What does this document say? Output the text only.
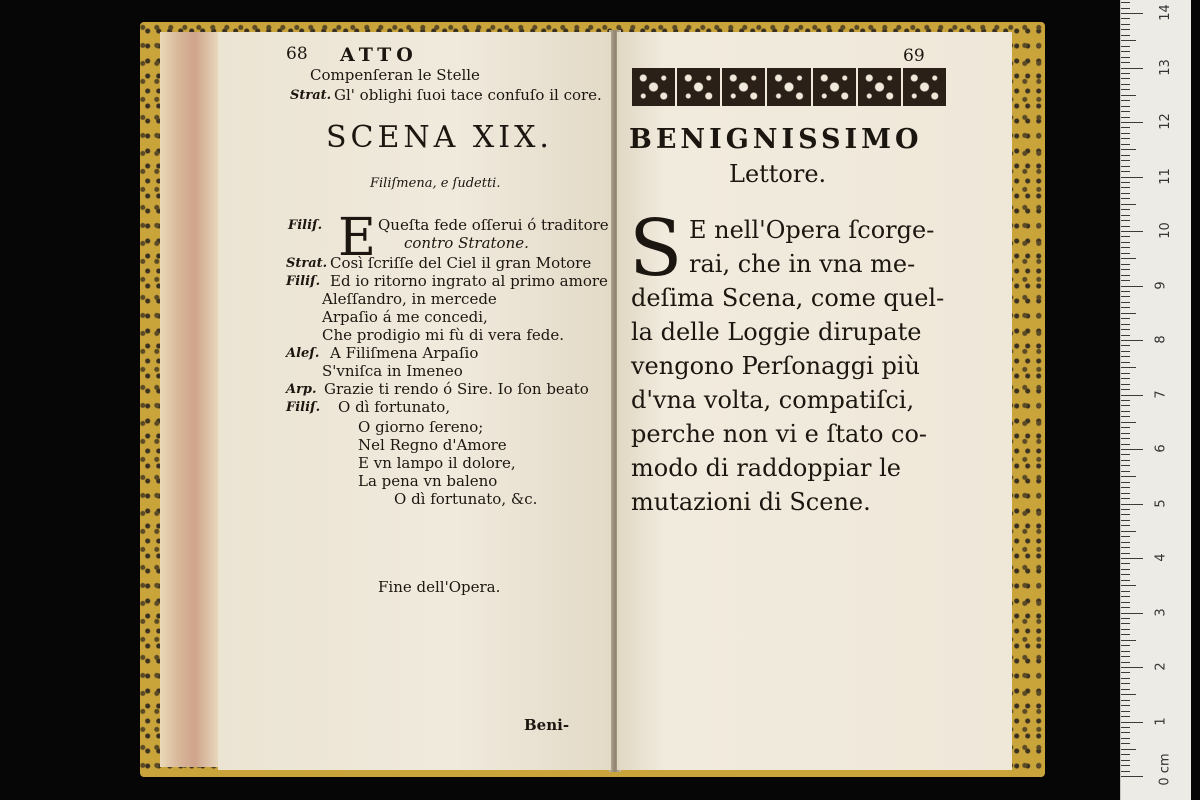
68 ATTO
Compenſeran le Stelle
Strat. Gl' oblighi ſuoi tace confuſo il core.
SCENA XIX.
Filiſmena, e ſudetti.
E
Filiſ.	Queſta fede oſſerui ó traditore
contro Stratone.
Strat. Così ſcriſſe del Ciel il gran Motore
Filiſ. Ed io ritorno ingrato al primo amore
Aleſſandro, in mercede
Arpaſio á me concedi,
Che prodigio mi fù di vera fede.
Aleſ. A Filiſmena Arpaſio
S'vniſca in Imeneo
Arp. Grazie ti rendo ó Sire. Io ſon beato
Filiſ. O dì fortunato,
O giorno ſereno;
Nel Regno d'Amore
E vn lampo il dolore,
La pena vn baleno
O dì fortunato, &c.
Fine dell'Opera.
Beni-
69
BENIGNISSIMO
Lettore.
S E nell'Opera ſcorge-
rai, che in vna me-
deſima Scena, come quel-
la delle Loggie dirupate
vengono Perſonaggi più
d'vna volta, compatiſci,
perche non vi e ſtato co-
modo di raddoppiar le
mutazioni di Scene.
0 cm
1
2
3
4
5
6
7
8
9
10
11
12
13
14
